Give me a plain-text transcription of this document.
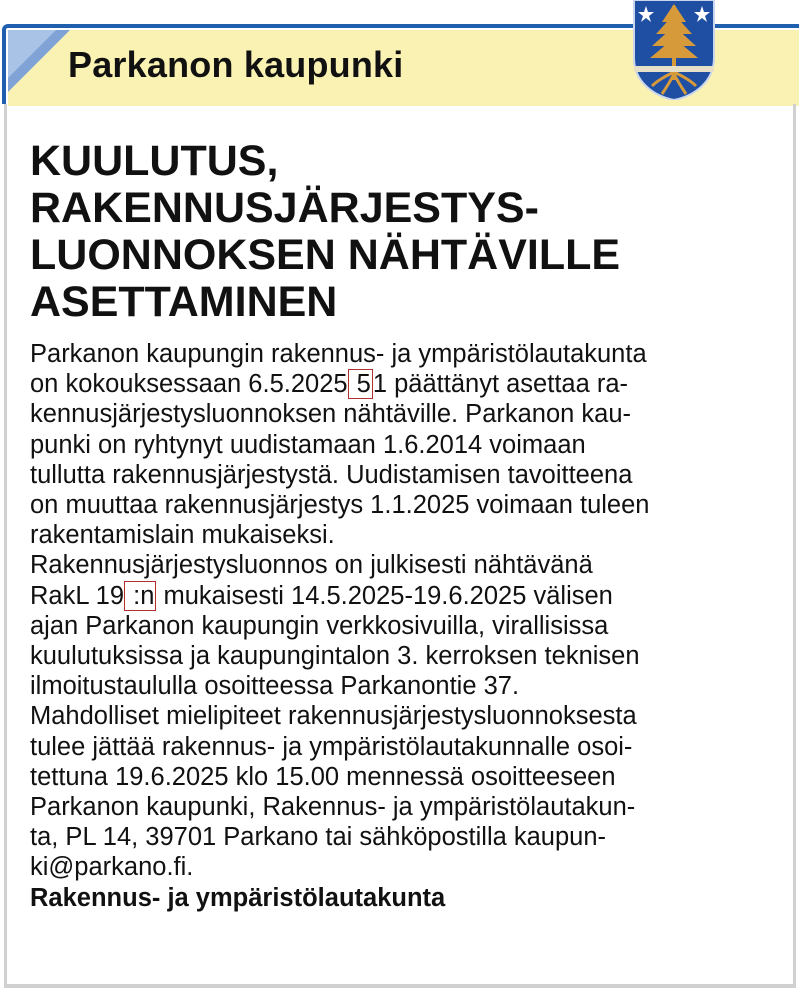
Parkanon kaupunki
KUULUTUS,
RAKENNUSJÄRJESTYS-
LUONNOKSEN NÄHTÄVILLE
ASETTAMINEN
Parkanon kaupungin rakennus- ja ympäristölautakunta
on kokouksessaan 6.5.2025 51 päättänyt asettaa ra-
kennusjärjestysluonnoksen nähtäville. Parkanon kau-
punki on ryhtynyt uudistamaan 1.6.2014 voimaan
tullutta rakennusjärjestystä. Uudistamisen tavoitteena
on muuttaa rakennusjärjestys 1.1.2025 voimaan tuleen
rakentamislain mukaiseksi.
Rakennusjärjestysluonnos on julkisesti nähtävänä
RakL 19 :n mukaisesti 14.5.2025-19.6.2025 välisen
ajan Parkanon kaupungin verkkosivuilla, virallisissa
kuulutuksissa ja kaupungintalon 3. kerroksen teknisen
ilmoitustaululla osoitteessa Parkanontie 37.
Mahdolliset mielipiteet rakennusjärjestysluonnoksesta
tulee jättää rakennus- ja ympäristölautakunnalle osoi-
tettuna 19.6.2025 klo 15.00 mennessä osoitteeseen
Parkanon kaupunki, Rakennus- ja ympäristölautakun-
ta, PL 14, 39701 Parkano tai sähköpostilla kaupun-
ki@parkano.fi.
Rakennus- ja ympäristölautakunta
